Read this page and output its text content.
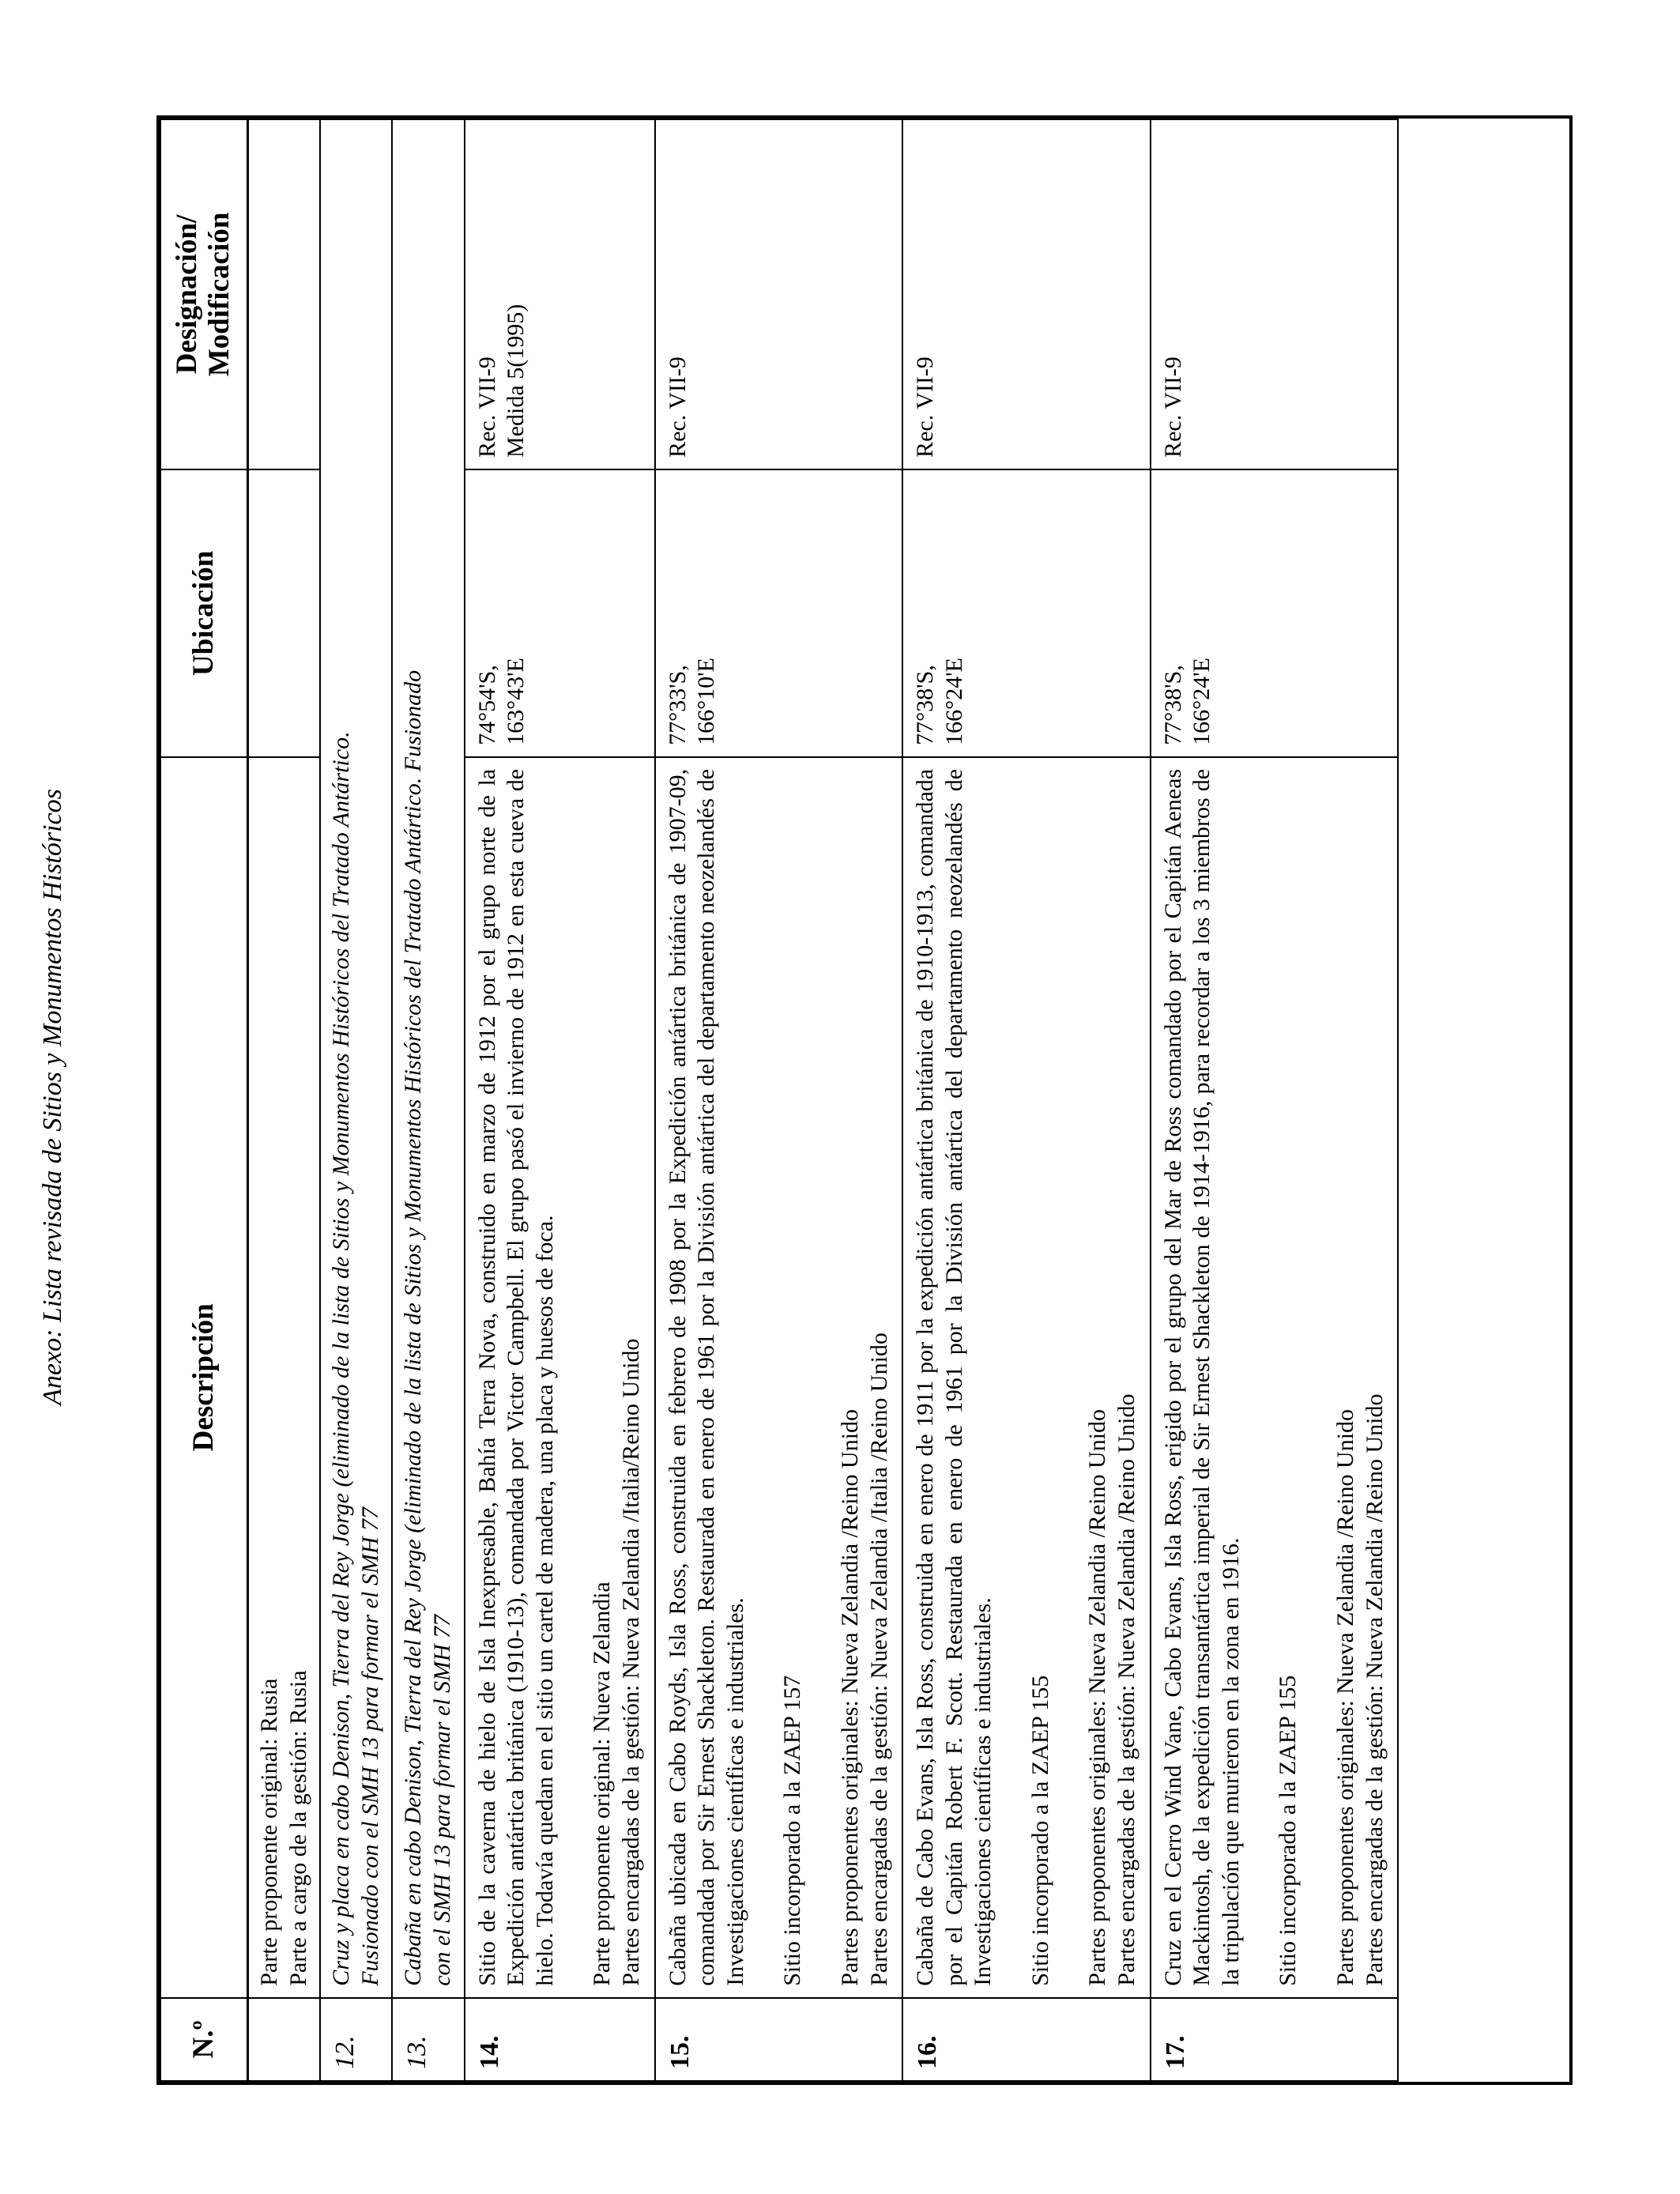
Anexo: Lista revisada de Sitios y Monumentos Históricos
N.º	Descripción	Ubicación	Designación/ Modificación

	Parte proponente original: Rusia Parte a cargo de la gestión: Rusia		

12.	Cruz y placa en cabo Denison, Tierra del Rey Jorge (eliminado de la lista de Sitios y Monumentos Históricos del Tratado Antártico. Fusionado con el SMH 13 para formar el SMH 77		

13.	Cabaña en cabo Denison, Tierra del Rey Jorge (eliminado de la lista de Sitios y Monumentos Históricos del Tratado Antártico. Fusionado con el SMH 13 para formar el SMH 77		

14.	Sitio de la caverna de hielo de Isla Inexpresable, Bahía Terra Nova, construido en marzo de 1912 por el grupo norte de la Expedición antártica británica (1910-13), comandada por Victor Campbell. El grupo pasó el invierno de 1912 en esta cueva de hielo. Todavía quedan en el sitio un cartel de madera, una placa y huesos de foca. Parte proponente original: Nueva Zelandia Partes encargadas de la gestión: Nueva Zelandia /Italia/Reino Unido	74°54'S, 163°43'E	Rec. VII-9 Medida 5(1995)

15.	Cabaña ubicada en Cabo Royds, Isla Ross, construida en febrero de 1908 por la Expedición antártica británica de 1907-09, comandada por Sir Ernest Shackleton. Restaurada en enero de 1961 por la División antártica del departamento neozelandés de Investigaciones científicas e industriales. Sitio incorporado a la ZAEP 157 Partes proponentes originales: Nueva Zelandia /Reino Unido Partes encargadas de la gestión: Nueva Zelandia /Italia /Reino Unido	77°33'S, 166°10'E	Rec. VII-9

16.	Cabaña de Cabo Evans, Isla Ross, construida en enero de 1911 por la expedición antártica británica de 1910-1913, comandada por el Capitán Robert F. Scott. Restaurada en enero de 1961 por la División antártica del departamento neozelandés de Investigaciones científicas e industriales. Sitio incorporado a la ZAEP 155 Partes proponentes originales: Nueva Zelandia /Reino Unido Partes encargadas de la gestión: Nueva Zelandia /Reino Unido	77°38'S, 166°24'E	Rec. VII-9

17.	Cruz en el Cerro Wind Vane, Cabo Evans, Isla Ross, erigido por el grupo del Mar de Ross comandado por el Capitán Aeneas Mackintosh, de la expedición transantártica imperial de Sir Ernest Shackleton de 1914-1916, para recordar a los 3 miembros de la tripulación que murieron en la zona en 1916. Sitio incorporado a la ZAEP 155 Partes proponentes originales: Nueva Zelandia /Reino Unido Partes encargadas de la gestión: Nueva Zelandia /Reino Unido	77°38'S, 166°24'E	Rec. VII-9
